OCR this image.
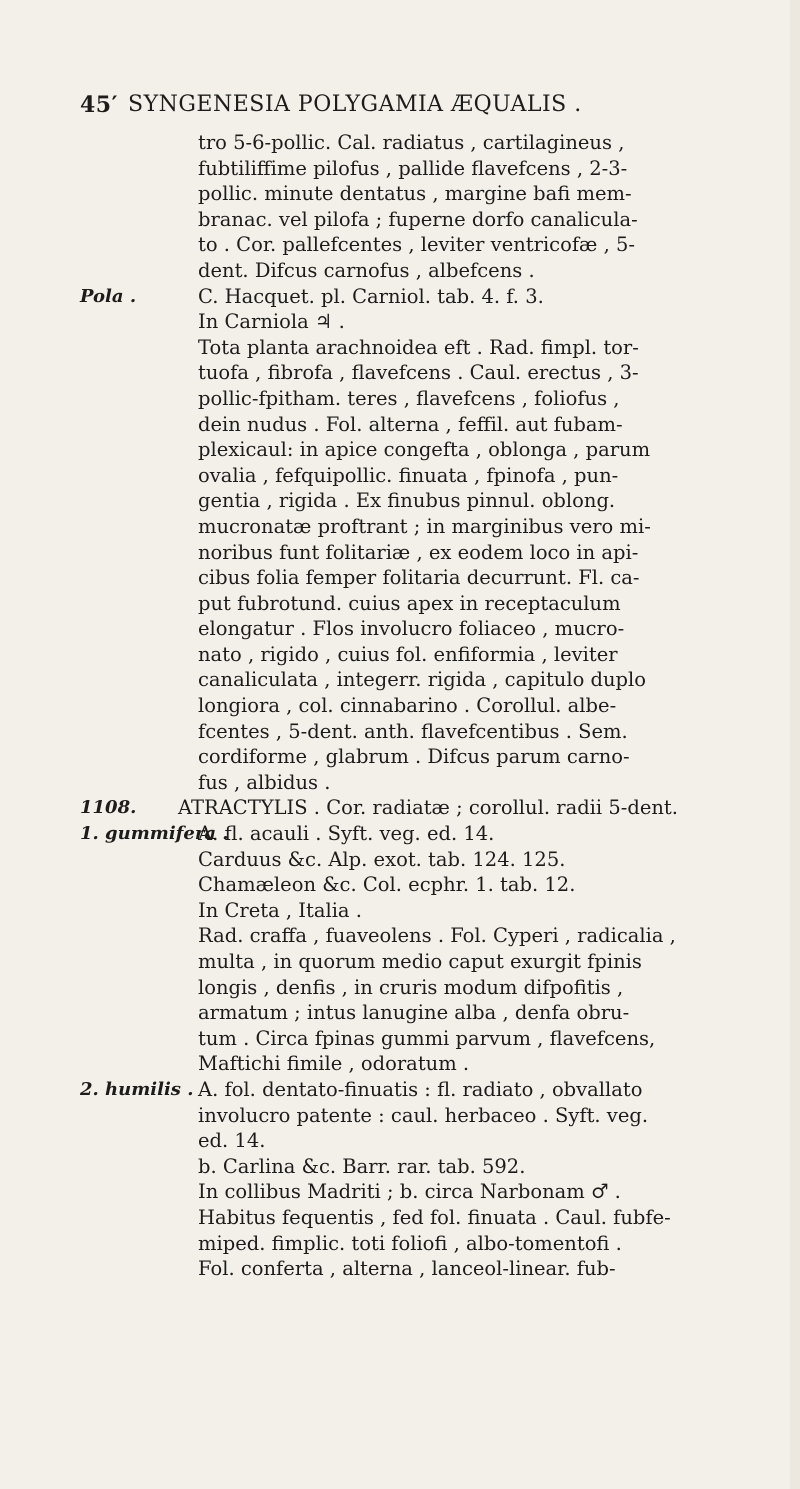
45′ SYNGENESIA POLYGAMIA ÆQUALIS .
tro 5-6-pollic. Cal. radiatus , cartilagineus ,
fubtiliffime pilofus , pallide flavefcens , 2-3-
pollic. minute dentatus , margine bafi mem-
branac. vel pilofa ; fuperne dorfo canalicula-
to . Cor. pallefcentes , leviter ventricofæ , 5-
dent. Difcus carnofus , albefcens .
Pola .	C. Hacquet. pl. Carniol. tab. 4. f. 3.
In Carniola ♃ .
Tota planta arachnoidea eft . Rad. fimpl. tor-
tuofa , fibrofa , flavefcens . Caul. erectus , 3-
pollic-fpitham. teres , flavefcens , foliofus ,
dein nudus . Fol. alterna , feffil. aut fubam-
plexicaul: in apice congefta , oblonga , parum
ovalia , fefquipollic. finuata , fpinofa , pun-
gentia , rigida . Ex finubus pinnul. oblong.
mucronatæ proftrant ; in marginibus vero mi-
noribus funt folitariæ , ex eodem loco in api-
cibus folia femper folitaria decurrunt. Fl. ca-
put fubrotund. cuius apex in receptaculum
elongatur . Flos involucro foliaceo , mucro-
nato , rigido , cuius fol. enfiformia , leviter
canaliculata , integerr. rigida , capitulo duplo
longiora , col. cinnabarino . Corollul. albe-
fcentes , 5-dent. anth. flavefcentibus . Sem.
cordiforme , glabrum . Difcus parum carno-
fus , albidus .
1108. ATRACTYLIS . Cor. radiatæ ; corollul. radii 5-dent.
1. gummifera .
A. fl. acauli . Syft. veg. ed. 14.
Carduus &c. Alp. exot. tab. 124. 125.
Chamæleon &c. Col. ecphr. 1. tab. 12.
In Creta , Italia .
Rad. craffa , fuaveolens . Fol. Cyperi , radicalia ,
multa , in quorum medio caput exurgit fpinis
longis , denfis , in cruris modum difpofitis ,
armatum ; intus lanugine alba , denfa obru-
tum . Circa fpinas gummi parvum , flavefcens,
Maftichi fimile , odoratum .
2. humilis . A. fol. dentato-finuatis : fl. radiato , obvallato
involucro patente : caul. herbaceo . Syft. veg.
ed. 14.
b. Carlina &c. Barr. rar. tab. 592.
In collibus Madriti ; b. circa Narbonam ♂ .
Habitus fequentis , fed fol. finuata . Caul. fubfe-
miped. fimplic. toti foliofi , albo-tomentofi .
Fol. conferta , alterna , lanceol-linear. fub-
